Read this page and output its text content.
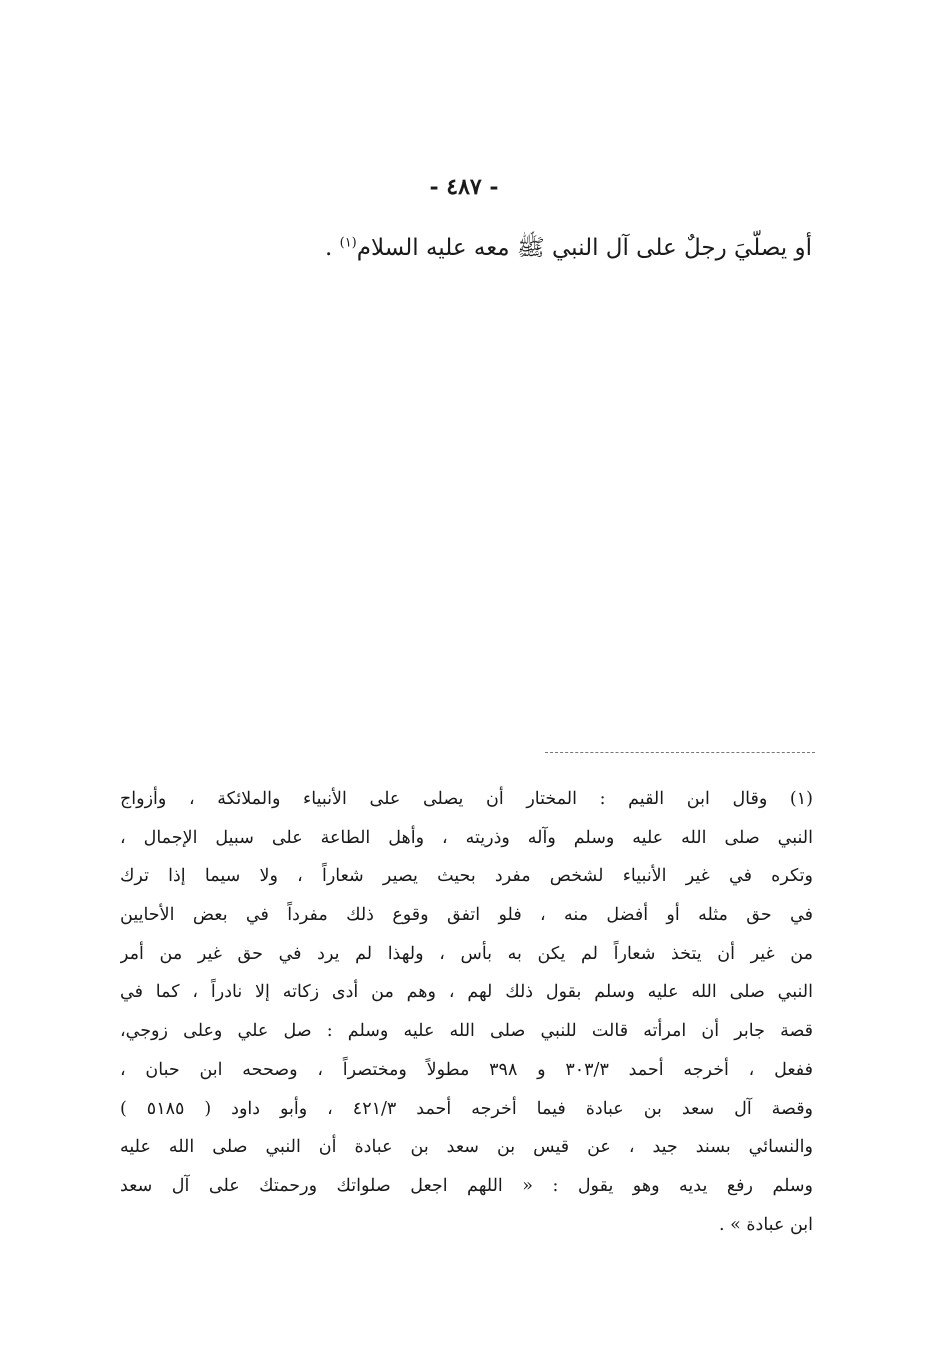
- ٤٨٧ -
أو يصلّيَ رجلٌ على آل النبي ﷺ معه عليه السلام$^{(١)}$ .
(١) وقال ابن القيم : المختار أن يصلى على الأنبياء والملائكة ، وأزواج
النبي صلى الله عليه وسلم وآله وذريته ، وأهل الطاعة على سبيل الإجمال ،
وتكره في غير الأنبياء لشخص مفرد بحيث يصير شعاراً ، ولا سيما إذا ترك
في حق مثله أو أفضل منه ، فلو اتفق وقوع ذلك مفرداً في بعض الأحايين
من غير أن يتخذ شعاراً لم يكن به بأس ، ولهذا لم يرد في حق غير من أمر
النبي صلى الله عليه وسلم بقول ذلك لهم ، وهم من أدى زكاته إلا نادراً ، كما في
قصة جابر أن امرأته قالت للنبي صلى الله عليه وسلم : صل علي وعلى زوجي،
ففعل ، أخرجه أحمد ٣٠٣/٣ و ٣٩٨ مطولاً ومختصراً ، وصححه ابن حبان ،
وقصة آل سعد بن عبادة فيما أخرجه أحمد ٤٢١/٣ ، وأبو داود ( ٥١٨٥ )
والنسائي بسند جيد ، عن قيس بن سعد بن عبادة أن النبي صلى الله عليه
وسلم رفع يديه وهو يقول : « اللهم اجعل صلواتك ورحمتك على آل سعد
ابن عبادة » .
